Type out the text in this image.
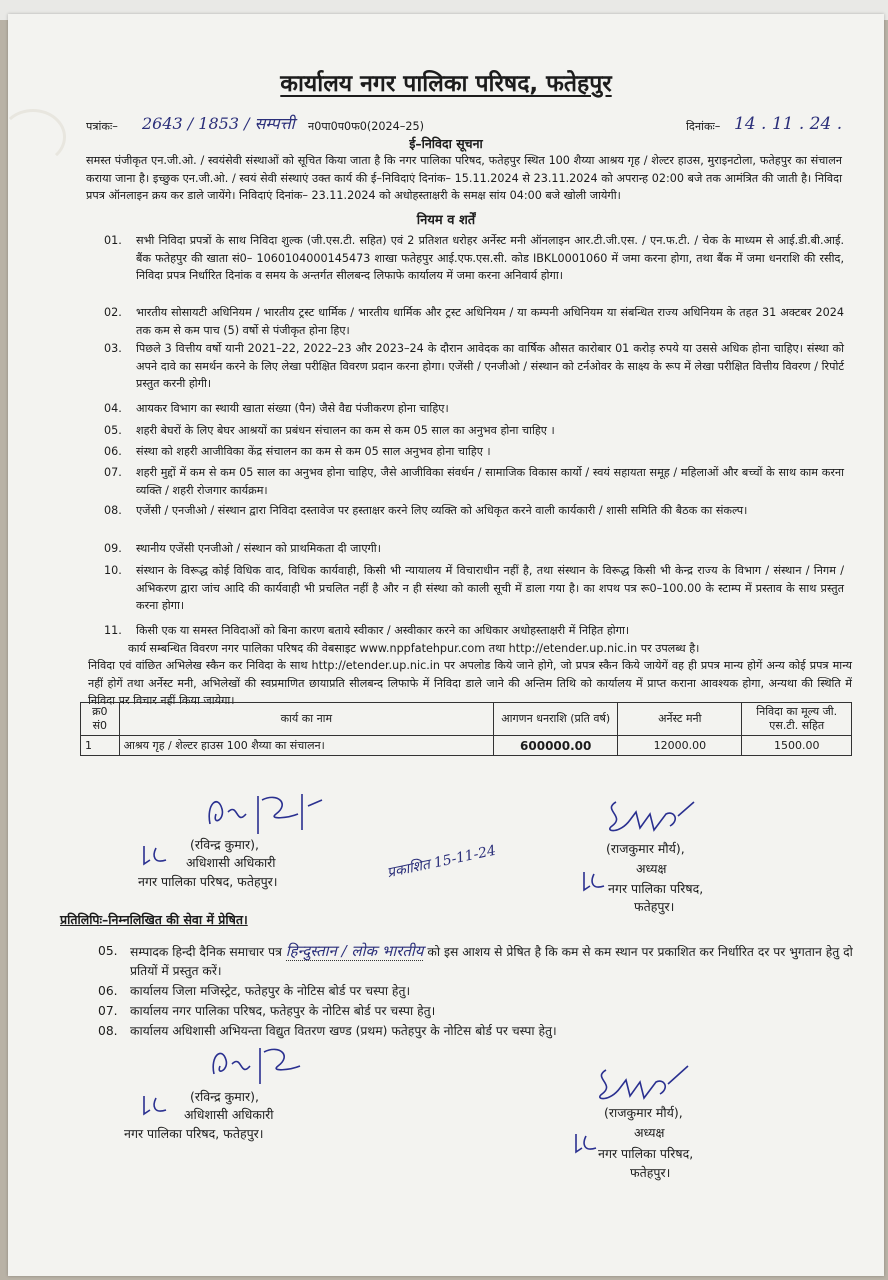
कार्यालय नगर पालिका परिषद, फतेहपुर
पत्रांकः– 2643 / 1853 / सम्पत्ती न0पा0प0फ0(2024–25)	दिनांकः– 14 . 11 . 24 .
ई–निविदा सूचना
समस्त पंजीकृत एन.जी.ओ. / स्वयंसेवी संस्थाओं को सूचित किया जाता है कि नगर पालिका परिषद, फतेहपुर स्थित 100 शैय्या आश्रय गृह / शेल्टर हाउस, मुराइनटोला, फतेहपुर का संचालन कराया जाना है। इच्छुक एन.जी.ओ. / स्वयं सेवी संस्थाएं उक्त कार्य की ई–निविदाएं दिनांक– 15.11.2024 से 23.11.2024 को अपरान्ह 02:00 बजे तक आमंत्रित की जाती है। निविदा प्रपत्र ऑनलाइन क्रय कर डाले जायेंगे। निविदाएं दिनांक– 23.11.2024 को अधोहस्ताक्षरी के समक्ष सांय 04:00 बजे खोली जायेगी।
नियम व शर्तें
01.	सभी निविदा प्रपत्रों के साथ निविदा शुल्क (जी.एस.टी. सहित) एवं 2 प्रतिशत धरोहर अर्नेस्ट मनी ऑनलाइन आर.टी.जी.एस. / एन.फ.टी. / चेक के माध्यम से आई.डी.बी.आई. बैंक फतेहपुर की खाता सं0– 1060104000145473 शाखा फतेहपुर आई.एफ.एस.सी. कोड IBKL0001060 में जमा करना होगा, तथा बैंक में जमा धनराशि की रसीद, निविदा प्रपत्र निर्धारित दिनांक व समय के अन्तर्गत सीलबन्द लिफाफे कार्यालय में जमा करना अनिवार्य होगा।
02.	भारतीय सोसायटी अधिनियम / भारतीय ट्रस्ट धार्मिक / भारतीय धार्मिक और ट्रस्ट अधिनियम / या कम्पनी अधिनियम या संबन्धित राज्य अधिनियम के तहत 31 अक्टबर 2024 तक कम से कम पाच (5) वर्षो से पंजीकृत होना हिए।
03.	पिछले 3 वित्तीय वर्षो यानी 2021–22, 2022–23 और 2023–24 के दौरान आवेदक का वार्षिक औसत कारोबार 01 करोड़ रुपये या उससे अधिक होना चाहिए। संस्था को अपने दावे का समर्थन करने के लिए लेखा परीक्षित विवरण प्रदान करना होगा। एजेंसी / एनजीओ / संस्थान को टर्नओवर के साक्ष्य के रूप में लेखा परीक्षित वित्तीय विवरण / रिपोर्ट प्रस्तुत करनी होगी।
04.	आयकर विभाग का स्थायी खाता संख्या (पैन) जैसे वैद्य पंजीकरण होना चाहिए।
05.	शहरी बेघरों के लिए बेघर आश्रयों का प्रबंधन संचालन का कम से कम 05 साल का अनुभव होना चाहिए ।
06.	संस्था को शहरी आजीविका केंद्र संचालन का कम से कम 05 साल अनुभव होना चाहिए ।
07.	शहरी मुद्दों में कम से कम 05 साल का अनुभव होना चाहिए, जैसे आजीविका संवर्धन / सामाजिक विकास कार्यो / स्वयं सहायता समूह / महिलाओं और बच्चों के साथ काम करना व्यक्ति / शहरी रोजगार कार्यक्रम।
08.	एजेंसी / एनजीओ / संस्थान द्वारा निविदा दस्तावेज पर हस्ताक्षर करने लिए व्यक्ति को अधिकृत करने वाली कार्यकारी / शासी समिति की बैठक का संकल्प।
09.	स्थानीय एजेंसी एनजीओ / संस्थान को प्राथमिकता दी जाएगी।
10.	संस्थान के विरूद्ध कोई विधिक वाद, विधिक कार्यवाही, किसी भी न्यायालय में विचाराधीन नहीं है, तथा संस्थान के विरूद्ध किसी भी केन्द्र राज्य के विभाग / संस्थान / निगम / अभिकरण द्वारा जांच आदि की कार्यवाही भी प्रचलित नहीं है और न ही संस्था को काली सूची में डाला गया है। का शपथ पत्र रू0–100.00 के स्टाम्प में प्रस्ताव के साथ प्रस्तुत करना होगा।
11.	किसी एक या समस्त निविदाओं को बिना कारण बताये स्वीकार / अस्वीकार करने का अधिकार अधोहस्ताक्षरी में निहित होगा।
कार्य सम्बन्धित विवरण नगर पालिका परिषद की वेबसाइट www.nppfatehpur.com तथा http://etender.up.nic.in पर उपलब्ध है।
निविदा एवं वांछित अभिलेख स्कैन कर निविदा के साथ http://etender.up.nic.in पर अपलोड किये जाने होगे, जो प्रपत्र स्कैन किये जायेगें वह ही प्रपत्र मान्य होगें अन्य कोई प्रपत्र मान्य नहीं होगें तथा अर्नेस्ट मनी, अभिलेखों की स्वप्रमाणित छायाप्रति सीलबन्द लिफाफे में निविदा डाले जाने की अन्तिम तिथि को कार्यालय में प्राप्त कराना आवश्यक होगा, अन्यथा की स्थिति में निविदा पर विचार नहीं किया जायेगा।
क्र0 सं0	कार्य का नाम	आगणन धनराशि (प्रति वर्ष)	अर्नेस्ट मनी	निविदा का मूल्य जी. एस.टी. सहित
1	आश्रय गृह / शेल्टर हाउस 100 शैय्या का संचालन।	600000.00	12000.00	1500.00
(रविन्द्र कुमार),
अधिशासी अधिकारी
नगर पालिका परिषद, फतेहपुर।
(राजकुमार मौर्य),
अध्यक्ष
नगर पालिका परिषद,
फतेहपुर।
प्रकाशित 15-11-24
प्रतिलिपिः–निम्नलिखित की सेवा में प्रेषित।
05. सम्पादक हिन्दी दैनिक समाचार पत्र हिन्दुस्तान / लोक भारतीय को इस आशय से प्रेषित है कि कम से कम स्थान पर प्रकाशित कर निर्धारित दर पर भुगतान हेतु दो प्रतियों में प्रस्तुत करें।
06. कार्यालय जिला मजिस्ट्रेट, फतेहपुर के नोटिस बोर्ड पर चस्पा हेतु।
07. कार्यालय नगर पालिका परिषद, फतेहपुर के नोटिस बोर्ड पर चस्पा हेतु।
08. कार्यालय अधिशासी अभियन्ता विद्युत वितरण खण्ड (प्रथम) फतेहपुर के नोटिस बोर्ड पर चस्पा हेतु।
(रविन्द्र कुमार),
अधिशासी अधिकारी
नगर पालिका परिषद, फतेहपुर।
(राजकुमार मौर्य),
अध्यक्ष
नगर पालिका परिषद,
फतेहपुर।
